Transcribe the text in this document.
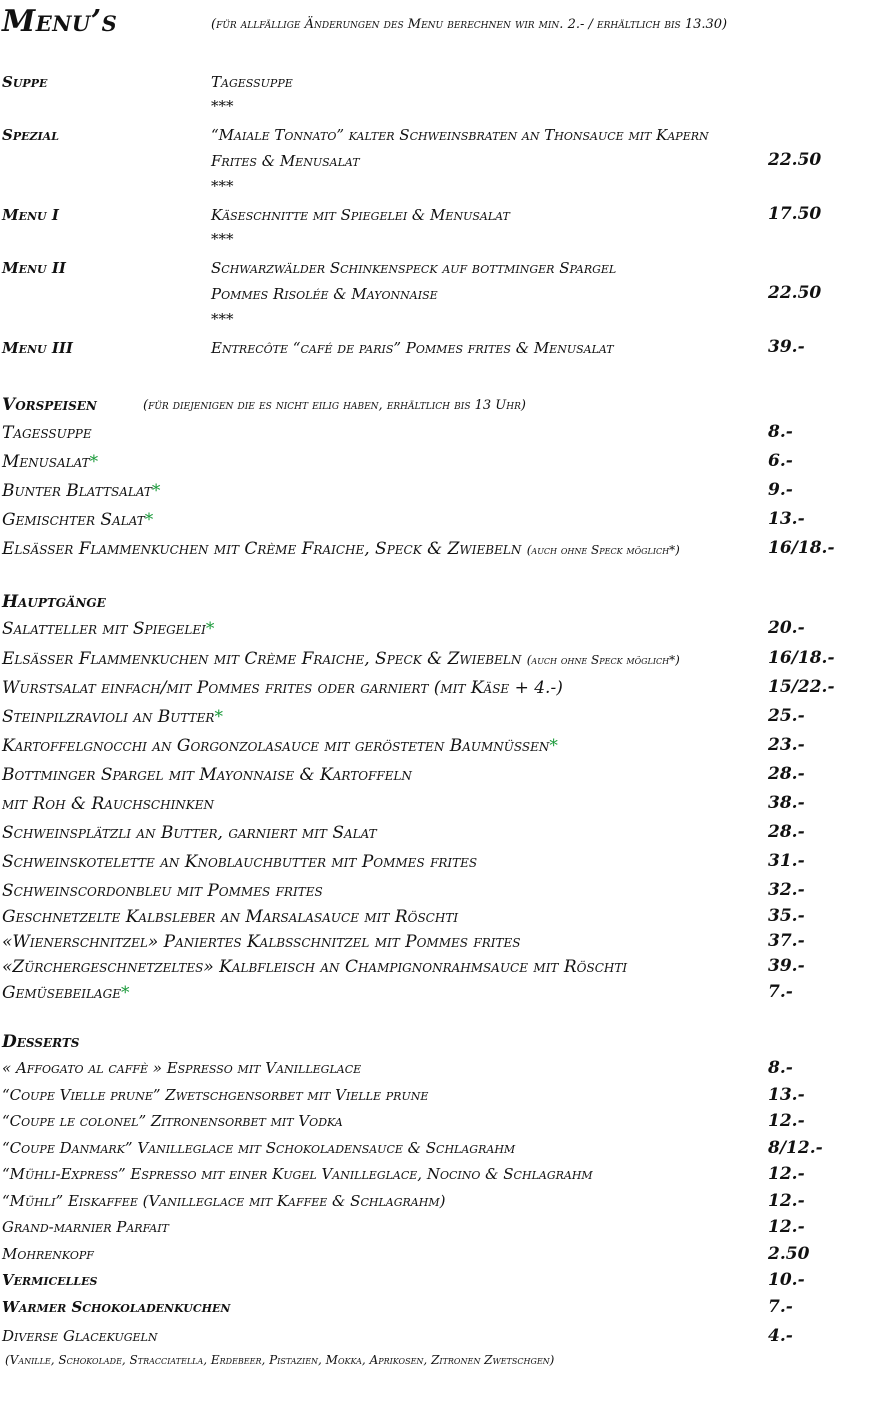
Menu’s	(für allfällige Änderungen des Menu berechnen wir min. 2.- / erhältlich bis 13.30)
Suppe	Tagessuppe
***
Spezial	“Maiale Tonnato” kalter Schweinsbraten an Thonsauce mit Kapern
Frites & Menusalat	22.50
***
Menu I	Käseschnitte mit Spiegelei & Menusalat	17.50
***
Menu II	Schwarzwälder Schinkenspeck auf bottminger Spargel
Pommes Risolée & Mayonnaise	22.50
***
Menu III	Entrecôte “café de paris” Pommes frites & Menusalat	39.-
Vorspeisen	(für diejenigen die es nicht eilig haben, erhältlich bis 13 Uhr)
Tagessuppe	8.-
Menusalat*	6.-
Bunter Blattsalat*	9.-
Gemischter Salat*	13.-
Elsässer Flammenkuchen mit Crème Fraiche, Speck & Zwiebeln (auch ohne Speck möglich*)	16/18.-
Hauptgänge
Salatteller mit Spiegelei*	20.-
Elsässer Flammenkuchen mit Crème Fraiche, Speck & Zwiebeln (auch ohne Speck möglich*)	16/18.-
Wurstsalat einfach/mit Pommes frites oder garniert (mit Käse + 4.-)	15/22.-
Steinpilzravioli an Butter*	25.-
Kartoffelgnocchi an Gorgonzolasauce mit gerösteten Baumnüssen*	23.-
Bottminger Spargel mit Mayonnaise & Kartoffeln	28.-
mit Roh & Rauchschinken	38.-
Schweinsplätzli an Butter, garniert mit Salat	28.-
Schweinskotelette an Knoblauchbutter mit Pommes frites	31.-
Schweinscordonbleu mit Pommes frites	32.-
Geschnetzelte Kalbsleber an Marsalasauce mit Röschti	35.-
«Wienerschnitzel» Paniertes Kalbsschnitzel mit Pommes frites	37.-
«Zürchergeschnetzeltes» Kalbfleisch an Champignonrahmsauce mit Röschti	39.-
Gemüsebeilage*	7.-
Desserts
« Affogato al caffè » Espresso mit Vanilleglace	8.-
“Coupe Vielle prune” Zwetschgensorbet mit Vielle prune	13.-
“Coupe le colonel” Zitronensorbet mit Vodka	12.-
“Coupe Danmark” Vanilleglace mit Schokoladensauce & Schlagrahm	8/12.-
“Mühli-Express” Espresso mit einer Kugel Vanilleglace, Nocino & Schlagrahm	12.-
“Mühli” Eiskaffee (Vanilleglace mit Kaffee & Schlagrahm)	12.-
Grand-marnier Parfait	12.-
Mohrenkopf	2.50
Vermicelles	10.-
Warmer Schokoladenkuchen	7.-
Diverse Glacekugeln	4.-
(Vanille, Schokolade, Stracciatella, Erdebeer, Pistazien, Mokka, Aprikosen, Zitronen Zwetschgen)
